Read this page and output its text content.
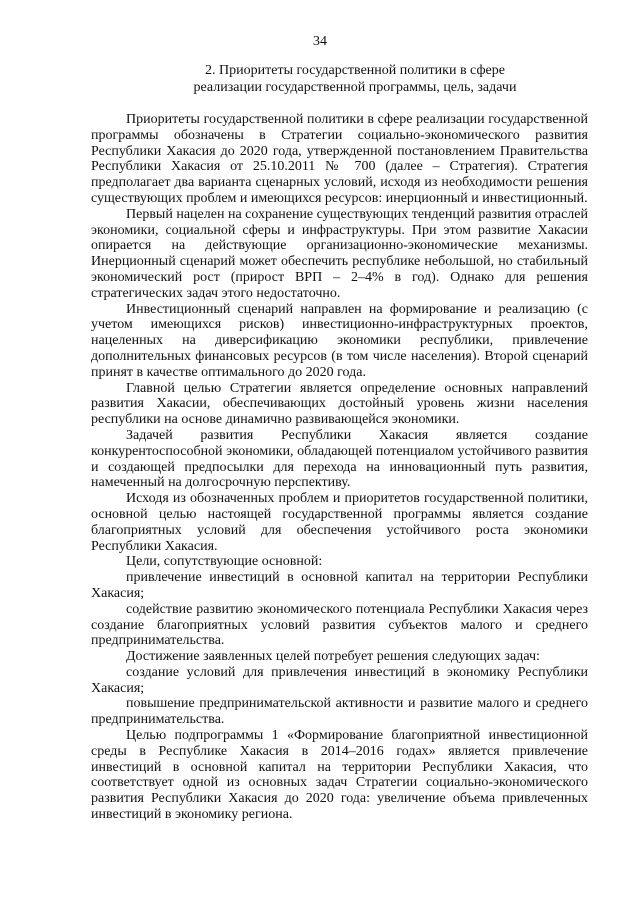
34
2. Приоритеты государственной политики в сфере
реализации государственной программы, цель, задачи

Приоритеты государственной политики в сфере реализации государственной программы обозначены в Стратегии социально-экономического развития Республики Хакасия до 2020 года, утвержденной постановлением Правительства Республики Хакасия от 25.10.2011 № 700 (далее – Стратегия). Стратегия предполагает два варианта сценарных условий, исходя из необходимости решения существующих проблем и имеющихся ресурсов: инерционный и инвестиционный.

Первый нацелен на сохранение существующих тенденций развития отраслей экономики, социальной сферы и инфраструктуры. При этом развитие Хакасии опирается на действующие организационно-экономические механизмы. Инерционный сценарий может обеспечить республике небольшой, но стабильный экономический рост (прирост ВРП – 2–4% в год). Однако для решения стратегических задач этого недостаточно.

Инвестиционный сценарий направлен на формирование и реализацию (с учетом имеющихся рисков) инвестиционно-инфраструктурных проектов, нацеленных на диверсификацию экономики республики, привлечение дополнительных финансовых ресурсов (в том числе населения). Второй сценарий принят в качестве оптимального до 2020 года.

Главной целью Стратегии является определение основных направлений развития Хакасии, обеспечивающих достойный уровень жизни населения республики на основе динамично развивающейся экономики.

Задачей развития Республики Хакасия является создание конкурентоспособной экономики, обладающей потенциалом устойчивого развития и создающей предпосылки для перехода на инновационный путь развития, намеченный на долгосрочную перспективу.

Исходя из обозначенных проблем и приоритетов государственной политики, основной целью настоящей государственной программы является создание благоприятных условий для обеспечения устойчивого роста экономики Республики Хакасия.

Цели, сопутствующие основной:

привлечение инвестиций в основной капитал на территории Республики Хакасия;

содействие развитию экономического потенциала Республики Хакасия через создание благоприятных условий развития субъектов малого и среднего предпринимательства.

Достижение заявленных целей потребует решения следующих задач:

создание условий для привлечения инвестиций в экономику Республики Хакасия;

повышение предпринимательской активности и развитие малого и среднего предпринимательства.

Целью подпрограммы 1 «Формирование благоприятной инвестиционной среды в Республике Хакасия в 2014–2016 годах» является привлечение инвестиций в основной капитал на территории Республики Хакасия, что соответствует одной из основных задач Стратегии социально-экономического развития Республики Хакасия до 2020 года: увеличение объема привлеченных инвестиций в экономику региона.
